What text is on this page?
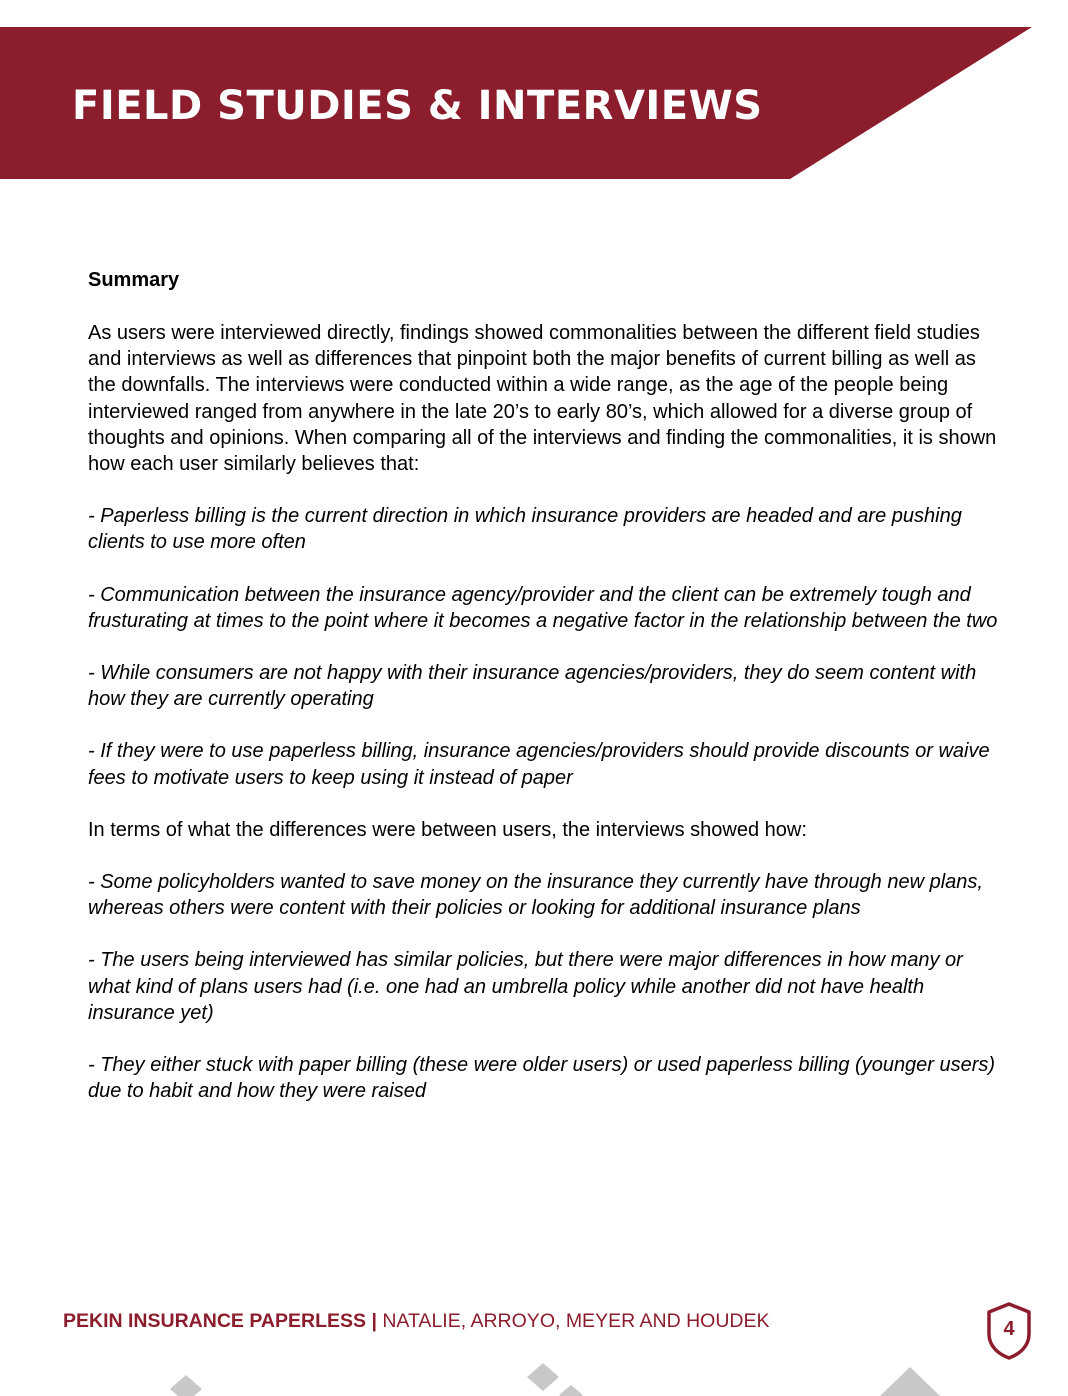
FIELD STUDIES & INTERVIEWS
Summary

As users were interviewed directly, findings showed commonalities between the different field studies and interviews as well as differences that pinpoint both the major benefits of current billing as well as the downfalls. The interviews were conducted within a wide range, as the age of the people being interviewed ranged from anywhere in the late 20’s to early 80’s, which allowed for a diverse group of thoughts and opinions. When comparing all of the interviews and finding the commonalities, it is shown how each user similarly believes that:

- Paperless billing is the current direction in which insurance providers are headed and are pushing clients to use more often

- Communication between the insurance agency/provider and the client can be extremely tough and frusturating at times to the point where it becomes a negative factor in the relationship between the two

- While consumers are not happy with their insurance agencies/providers, they do seem content with how they are currently operating

- If they were to use paperless billing, insurance agencies/providers should provide discounts or waive fees to motivate users to keep using it instead of paper

In terms of what the differences were between users, the interviews showed how:

- Some policyholders wanted to save money on the insurance they currently have through new plans, whereas others were content with their policies or looking for additional insurance plans

- The users being interviewed has similar policies, but there were major differences in how many or what kind of plans users had (i.e. one had an umbrella policy while another did not have health insurance yet)

- They either stuck with paper billing (these were older users) or used paperless billing (younger users) due to habit and how they were raised

PEKIN INSURANCE PAPERLESS | NATALIE, ARROYO, MEYER AND HOUDEK	4
